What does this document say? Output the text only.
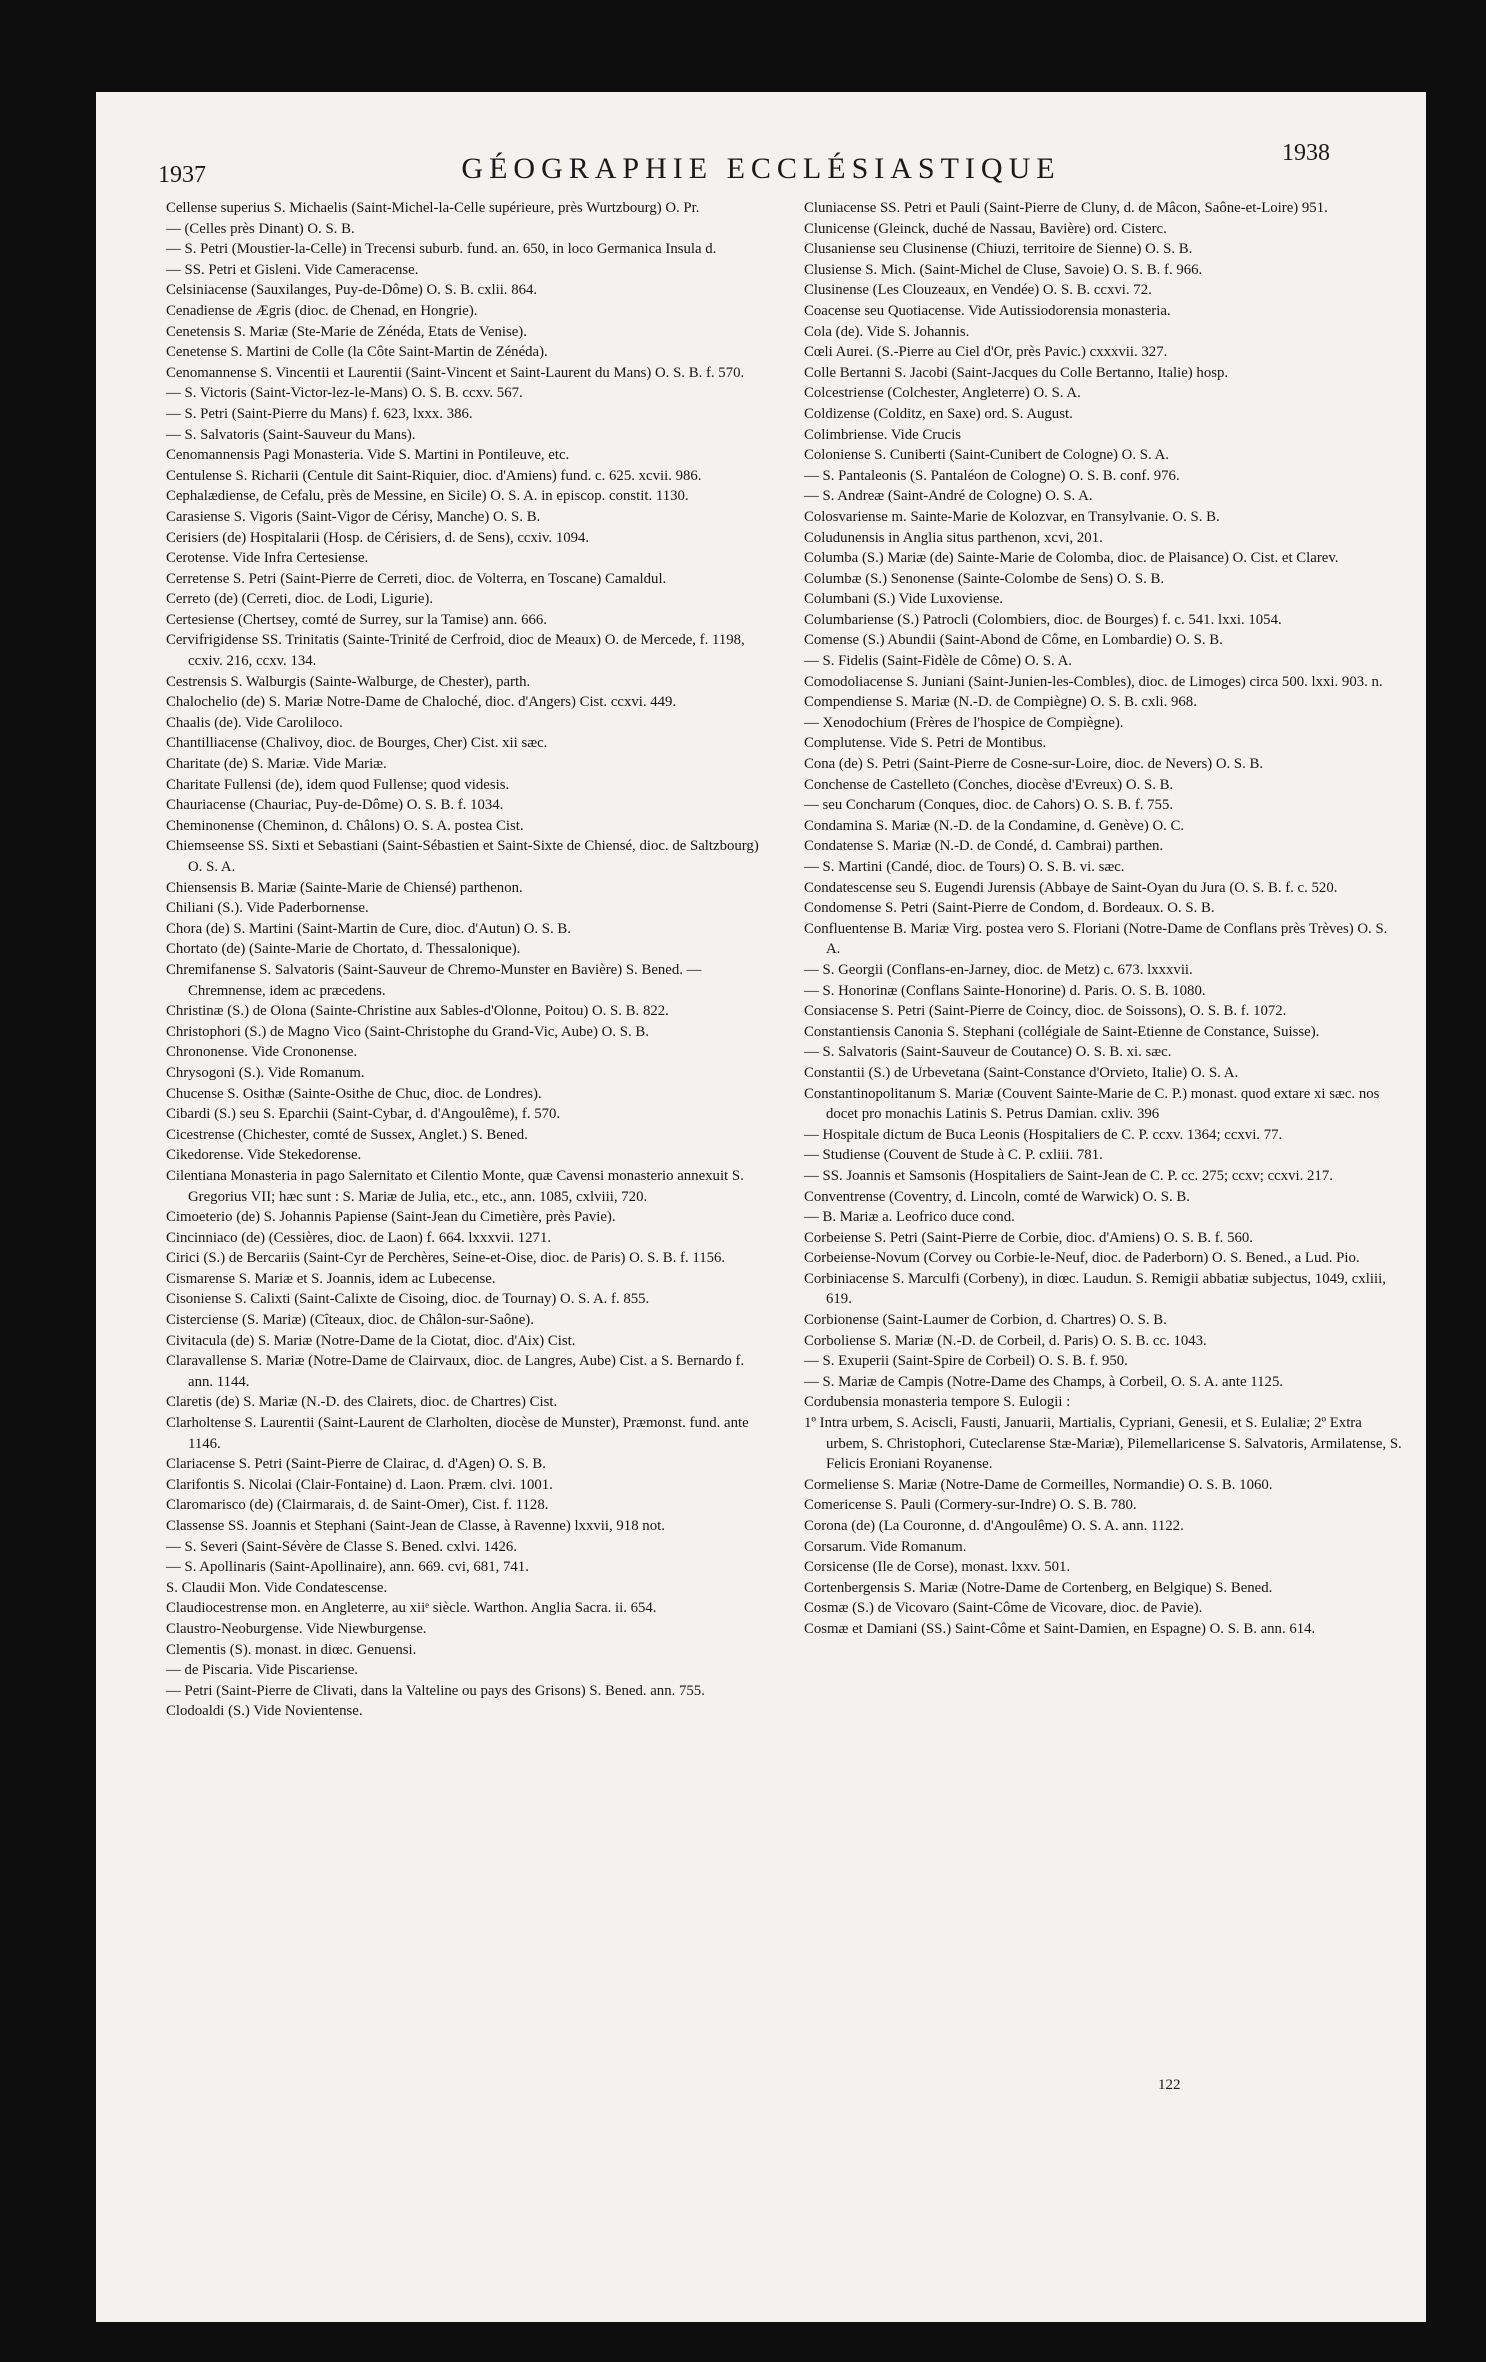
1937	GÉOGRAPHIE ECCLÉSIASTIQUE	1938

Cellense superius S. Michaelis (Saint-Michel-la-Celle supérieure, près Wurtzbourg) O. Pr.

— (Celles près Dinant) O. S. B.

— S. Petri (Moustier-la-Celle) in Trecensi suburb. fund. an. 650, in loco Germanica Insula d.

— SS. Petri et Gisleni. Vide Cameracense.

Celsiniacense (Sauxilanges, Puy-de-Dôme) O. S. B. cxlii. 864.

Cenadiense de Ægris (dioc. de Chenad, en Hongrie).

Cenetensis S. Mariæ (Ste-Marie de Zénéda, Etats de Venise).

Cenetense S. Martini de Colle (la Côte Saint-Martin de Zénéda).

Cenomannense S. Vincentii et Laurentii (Saint-Vincent et Saint-Laurent du Mans) O. S. B. f. 570.

— S. Victoris (Saint-Victor-lez-le-Mans) O. S. B. ccxv. 567.

— S. Petri (Saint-Pierre du Mans) f. 623, lxxx. 386.

— S. Salvatoris (Saint-Sauveur du Mans).

Cenomannensis Pagi Monasteria. Vide S. Martini in Pontileuve, etc.

Centulense S. Richarii (Centule dit Saint-Riquier, dioc. d'Amiens) fund. c. 625. xcvii. 986.

Cephalædiense, de Cefalu, près de Messine, en Sicile) O. S. A. in episcop. constit. 1130.

Carasiense S. Vigoris (Saint-Vigor de Cérisy, Manche) O. S. B.

Cerisiers (de) Hospitalarii (Hosp. de Cérisiers, d. de Sens), ccxiv. 1094.

Cerotense. Vide Infra Certesiense.

Cerretense S. Petri (Saint-Pierre de Cerreti, dioc. de Volterra, en Toscane) Camaldul.

Cerreto (de) (Cerreti, dioc. de Lodi, Ligurie).

Certesiense (Chertsey, comté de Surrey, sur la Tamise) ann. 666.

Cervifrigidense SS. Trinitatis (Sainte-Trinité de Cerfroid, dioc de Meaux) O. de Mercede, f. 1198, ccxiv. 216, ccxv. 134.

Cestrensis S. Walburgis (Sainte-Walburge, de Chester), parth.

Chalochelio (de) S. Mariæ Notre-Dame de Chaloché, dioc. d'Angers) Cist. ccxvi. 449.

Chaalis (de). Vide Caroliloco.

Chantilliacense (Chalivoy, dioc. de Bourges, Cher) Cist. xii sæc.

Charitate (de) S. Mariæ. Vide Mariæ.

Charitate Fullensi (de), idem quod Fullense; quod videsis.

Chauriacense (Chauriac, Puy-de-Dôme) O. S. B. f. 1034.

Cheminonense (Cheminon, d. Châlons) O. S. A. postea Cist.

Chiemseense SS. Sixti et Sebastiani (Saint-Sébastien et Saint-Sixte de Chiensé, dioc. de Saltzbourg) O. S. A.

Chiensensis B. Mariæ (Sainte-Marie de Chiensé) parthenon.

Chiliani (S.). Vide Paderbornense.

Chora (de) S. Martini (Saint-Martin de Cure, dioc. d'Autun) O. S. B.

Chortato (de) (Sainte-Marie de Chortato, d. Thessalonique).

Chremifanense S. Salvatoris (Saint-Sauveur de Chremo-Munster en Bavière) S. Bened. — Chremnense, idem ac præcedens.

Christinæ (S.) de Olona (Sainte-Christine aux Sables-d'Olonne, Poitou) O. S. B. 822.

Christophori (S.) de Magno Vico (Saint-Christophe du Grand-Vic, Aube) O. S. B.

Chrononense. Vide Crononense.

Chrysogoni (S.). Vide Romanum.

Chucense S. Osithæ (Sainte-Osithe de Chuc, dioc. de Londres).

Cibardi (S.) seu S. Eparchii (Saint-Cybar, d. d'Angoulême), f. 570.

Cicestrense (Chichester, comté de Sussex, Anglet.) S. Bened.

Cikedorense. Vide Stekedorense.

Cilentiana Monasteria in pago Salernitato et Cilentio Monte, quæ Cavensi monasterio annexuit S. Gregorius VII; hæc sunt : S. Mariæ de Julia, etc., etc., ann. 1085, cxlviii, 720.

Cimoeterio (de) S. Johannis Papiense (Saint-Jean du Cimetière, près Pavie).

Cincinniaco (de) (Cessières, dioc. de Laon) f. 664. lxxxvii. 1271.

Cirici (S.) de Bercariis (Saint-Cyr de Perchères, Seine-et-Oise, dioc. de Paris) O. S. B. f. 1156.

Cismarense S. Mariæ et S. Joannis, idem ac Lubecense.

Cisoniense S. Calixti (Saint-Calixte de Cisoing, dioc. de Tournay) O. S. A. f. 855.

Cisterciense (S. Mariæ) (Cîteaux, dioc. de Châlon-sur-Saône).

Civitacula (de) S. Mariæ (Notre-Dame de la Ciotat, dioc. d'Aix) Cist.

Claravallense S. Mariæ (Notre-Dame de Clairvaux, dioc. de Langres, Aube) Cist. a S. Bernardo f. ann. 1144.

Claretis (de) S. Mariæ (N.-D. des Clairets, dioc. de Chartres) Cist.

Clarholtense S. Laurentii (Saint-Laurent de Clarholten, diocèse de Munster), Præmonst. fund. ante 1146.

Clariacense S. Petri (Saint-Pierre de Clairac, d. d'Agen) O. S. B.

Clarifontis S. Nicolai (Clair-Fontaine) d. Laon. Præm. clvi. 1001.

Claromarisco (de) (Clairmarais, d. de Saint-Omer), Cist. f. 1128.

Classense SS. Joannis et Stephani (Saint-Jean de Classe, à Ravenne) lxxvii, 918 not.

— S. Severi (Saint-Sévère de Classe S. Bened. cxlvi. 1426.

— S. Apollinaris (Saint-Apollinaire), ann. 669. cvi, 681, 741.

S. Claudii Mon. Vide Condatescense.

Claudiocestrense mon. en Angleterre, au xiiᵉ siècle. Warthon. Anglia Sacra. ii. 654.

Claustro-Neoburgense. Vide Niewburgense.

Clementis (S). monast. in diœc. Genuensi.

— de Piscaria. Vide Piscariense.

— Petri (Saint-Pierre de Clivati, dans la Valteline ou pays des Grisons) S. Bened. ann. 755.

Clodoaldi (S.) Vide Novientense.

Cluniacense SS. Petri et Pauli (Saint-Pierre de Cluny, d. de Mâcon, Saône-et-Loire) 951.

Clunicense (Gleinck, duché de Nassau, Bavière) ord. Cisterc.

Clusaniense seu Clusinense (Chiuzi, territoire de Sienne) O. S. B.

Clusiense S. Mich. (Saint-Michel de Cluse, Savoie) O. S. B. f. 966.

Clusinense (Les Clouzeaux, en Vendée) O. S. B. ccxvi. 72.

Coacense seu Quotiacense. Vide Autissiodorensia monasteria.

Cola (de). Vide S. Johannis.

Cœli Aurei. (S.-Pierre au Ciel d'Or, près Pavic.) cxxxvii. 327.

Colle Bertanni S. Jacobi (Saint-Jacques du Colle Bertanno, Italie) hosp.

Colcestriense (Colchester, Angleterre) O. S. A.

Coldizense (Colditz, en Saxe) ord. S. August.

Colimbriense. Vide Crucis

Coloniense S. Cuniberti (Saint-Cunibert de Cologne) O. S. A.

— S. Pantaleonis (S. Pantaléon de Cologne) O. S. B. conf. 976.

— S. Andreæ (Saint-André de Cologne) O. S. A.

Colosvariense m. Sainte-Marie de Kolozvar, en Transylvanie. O. S. B.

Coludunensis in Anglia situs parthenon, xcvi, 201.

Columba (S.) Mariæ (de) Sainte-Marie de Colomba, dioc. de Plaisance) O. Cist. et Clarev.

Columbæ (S.) Senonense (Sainte-Colombe de Sens) O. S. B.

Columbani (S.) Vide Luxoviense.

Columbariense (S.) Patrocli (Colombiers, dioc. de Bourges) f. c. 541. lxxi. 1054.

Comense (S.) Abundii (Saint-Abond de Côme, en Lombardie) O. S. B.

— S. Fidelis (Saint-Fidèle de Côme) O. S. A.

Comodoliacense S. Juniani (Saint-Junien-les-Combles), dioc. de Limoges) circa 500. lxxi. 903. n.

Compendiense S. Mariæ (N.-D. de Compiègne) O. S. B. cxli. 968.

— Xenodochium (Frères de l'hospice de Compiègne).

Complutense. Vide S. Petri de Montibus.

Cona (de) S. Petri (Saint-Pierre de Cosne-sur-Loire, dioc. de Nevers) O. S. B.

Conchense de Castelleto (Conches, diocèse d'Evreux) O. S. B.

— seu Concharum (Conques, dioc. de Cahors) O. S. B. f. 755.

Condamina S. Mariæ (N.-D. de la Condamine, d. Genève) O. C.

Condatense S. Mariæ (N.-D. de Condé, d. Cambrai) parthen.

— S. Martini (Candé, dioc. de Tours) O. S. B. vi. sæc.

Condatescense seu S. Eugendi Jurensis (Abbaye de Saint-Oyan du Jura (O. S. B. f. c. 520.

Condomense S. Petri (Saint-Pierre de Condom, d. Bordeaux. O. S. B.

Confluentense B. Mariæ Virg. postea vero S. Floriani (Notre-Dame de Conflans près Trèves) O. S. A.

— S. Georgii (Conflans-en-Jarney, dioc. de Metz) c. 673. lxxxvii.

— S. Honorinæ (Conflans Sainte-Honorine) d. Paris. O. S. B. 1080.

Consiacense S. Petri (Saint-Pierre de Coincy, dioc. de Soissons), O. S. B. f. 1072.

Constantiensis Canonia S. Stephani (collégiale de Saint-Etienne de Constance, Suisse).

— S. Salvatoris (Saint-Sauveur de Coutance) O. S. B. xi. sæc.

Constantii (S.) de Urbevetana (Saint-Constance d'Orvieto, Italie) O. S. A.

Constantinopolitanum S. Mariæ (Couvent Sainte-Marie de C. P.) monast. quod extare xi sæc. nos docet pro monachis Latinis S. Petrus Damian. cxliv. 396

— Hospitale dictum de Buca Leonis (Hospitaliers de C. P. ccxv. 1364; ccxvi. 77.

— Studiense (Couvent de Stude à C. P. cxliii. 781.

— SS. Joannis et Samsonis (Hospitaliers de Saint-Jean de C. P. cc. 275; ccxv; ccxvi. 217.

Conventrense (Coventry, d. Lincoln, comté de Warwick) O. S. B.

— B. Mariæ a. Leofrico duce cond.

Corbeiense S. Petri (Saint-Pierre de Corbie, dioc. d'Amiens) O. S. B. f. 560.

Corbeiense-Novum (Corvey ou Corbie-le-Neuf, dioc. de Paderborn) O. S. Bened., a Lud. Pio.

Corbiniacense S. Marculfi (Corbeny), in diœc. Laudun. S. Remigii abbatiæ subjectus, 1049, cxliii, 619.

Corbionense (Saint-Laumer de Corbion, d. Chartres) O. S. B.

Corboliense S. Mariæ (N.-D. de Corbeil, d. Paris) O. S. B. cc. 1043.

— S. Exuperii (Saint-Spire de Corbeil) O. S. B. f. 950.

— S. Mariæ de Campis (Notre-Dame des Champs, à Corbeil, O. S. A. ante 1125.

Cordubensia monasteria tempore S. Eulogii :

1º Intra urbem, S. Aciscli, Fausti, Januarii, Martialis, Cypriani, Genesii, et S. Eulaliæ; 2º Extra urbem, S. Christophori, Cuteclarense Stæ-Mariæ), Pilemellaricense S. Salvatoris, Armilatense, S. Felicis Eroniani Royanense.

Cormeliense S. Mariæ (Notre-Dame de Cormeilles, Normandie) O. S. B. 1060.

Comericense S. Pauli (Cormery-sur-Indre) O. S. B. 780.

Corona (de) (La Couronne, d. d'Angoulême) O. S. A. ann. 1122.

Corsarum. Vide Romanum.

Corsicense (Ile de Corse), monast. lxxv. 501.

Cortenbergensis S. Mariæ (Notre-Dame de Cortenberg, en Belgique) S. Bened.

Cosmæ (S.) de Vicovaro (Saint-Côme de Vicovare, dioc. de Pavie).

Cosmæ et Damiani (SS.) Saint-Côme et Saint-Damien, en Espagne) O. S. B. ann. 614.

122
